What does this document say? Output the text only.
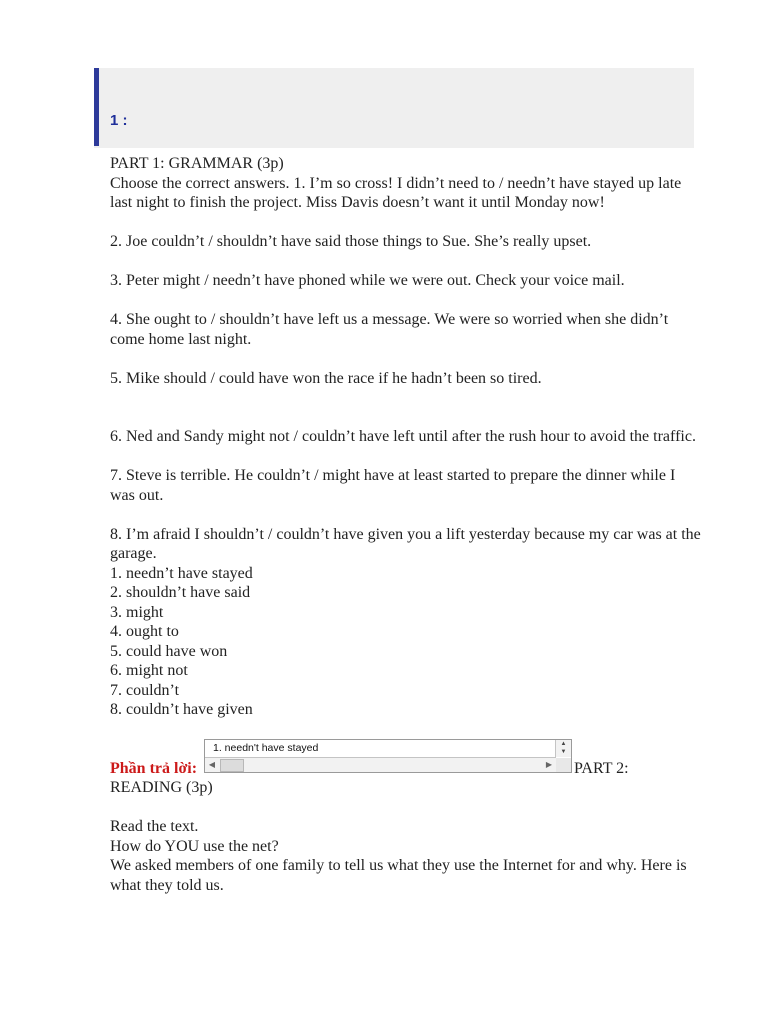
1 :

PART 1: GRAMMAR (3p)

Choose the correct answers. 1. I’m so cross! I didn’t need to / needn’t have stayed up late last night to finish the project. Miss Davis doesn’t want it until Monday now!

2. Joe couldn’t / shouldn’t have said those things to Sue. She’s really upset.

3. Peter might / needn’t have phoned while we were out. Check your voice mail.

4. She ought to / shouldn’t have left us a message. We were so worried when she didn’t come home last night.

5. Mike should / could have won the race if he hadn’t been so tired.

6. Ned and Sandy might not / couldn’t have left until after the rush hour to avoid the traffic.

7. Steve is terrible. He couldn’t / might have at least started to prepare the dinner while I was out.

8. I’m afraid I shouldn’t / couldn’t have given you a lift yesterday because my car was at the garage.

1. needn’t have stayed

2. shouldn’t have said

3. might

4. ought to

5. could have won

6. might not

7. couldn’t

8. couldn’t have given

Phần trả lời:
1. needn't have stayed	▲
▼
◀	▶ PART 2:

READING (3p)

Read the text.

How do YOU use the net?

We asked members of one family to tell us what they use the Internet for and why. Here is what they told us.
